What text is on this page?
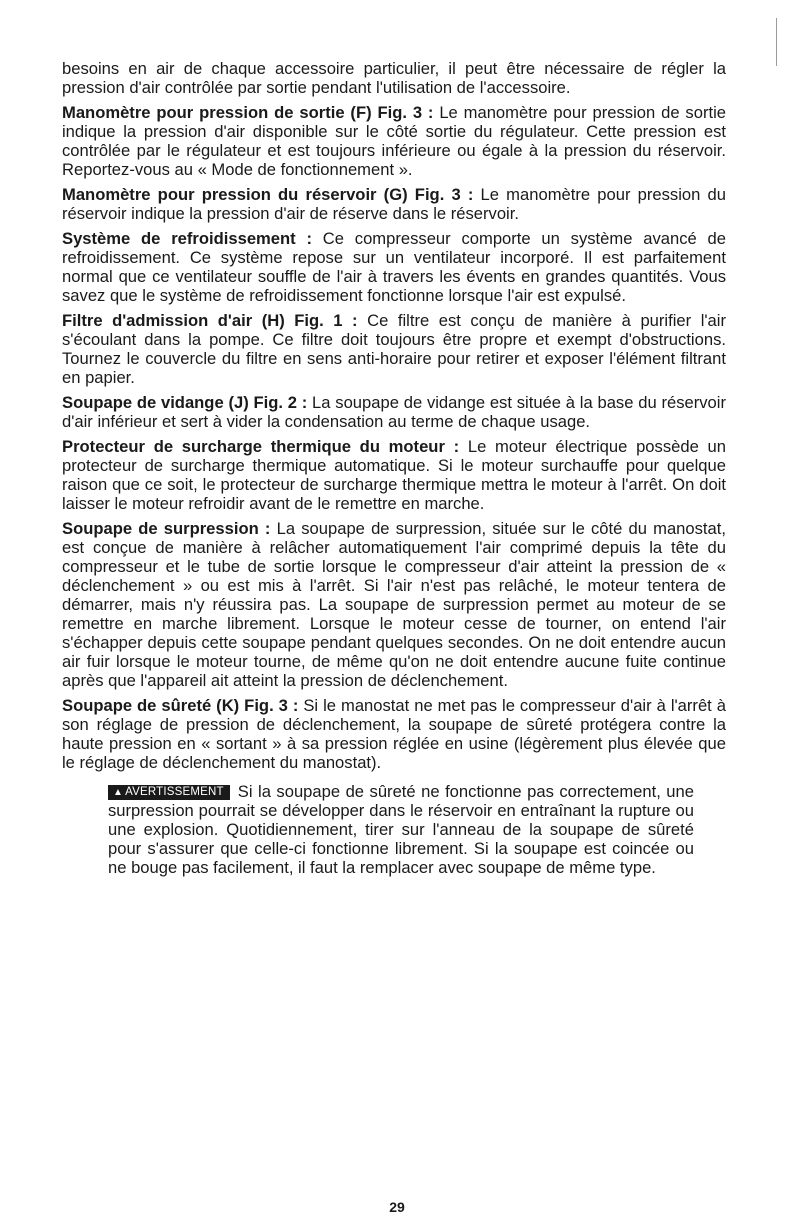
besoins en air de chaque accessoire particulier, il peut être nécessaire de régler la pression d'air contrôlée par sortie pendant l'utilisation de l'accessoire.

Manomètre pour pression de sortie (F) Fig. 3 : Le manomètre pour pression de sortie indique la pression d'air disponible sur le côté sortie du régulateur. Cette pression est contrôlée par le régulateur et est toujours inférieure ou égale à la pression du réservoir. Reportez-vous au « Mode de fonctionnement ».

Manomètre pour pression du réservoir (G) Fig. 3 : Le manomètre pour pression du réservoir indique la pression d'air de réserve dans le réservoir.

Système de refroidissement : Ce compresseur comporte un système avancé de refroidissement. Ce système repose sur un ventilateur incorporé. Il est parfaitement normal que ce ventilateur souffle de l'air à travers les évents en grandes quantités. Vous savez que le système de refroidissement fonctionne lorsque l'air est expulsé.

Filtre d'admission d'air (H) Fig. 1 : Ce filtre est conçu de manière à purifier l'air s'écoulant dans la pompe. Ce filtre doit toujours être propre et exempt d'obstructions. Tournez le couvercle du filtre en sens anti-horaire pour retirer et exposer l'élément filtrant en papier.

Soupape de vidange (J) Fig. 2 : La soupape de vidange est située à la base du réservoir d'air inférieur et sert à vider la condensation au terme de chaque usage.

Protecteur de surcharge thermique du moteur : Le moteur électrique possède un protecteur de surcharge thermique automatique. Si le moteur surchauffe pour quelque raison que ce soit, le protecteur de surcharge thermique mettra le moteur à l'arrêt. On doit laisser le moteur refroidir avant de le remettre en marche.

Soupape de surpression : La soupape de surpression, située sur le côté du manostat, est conçue de manière à relâcher automatiquement l'air comprimé depuis la tête du compresseur et le tube de sortie lorsque le compresseur d'air atteint la pression de « déclenchement » ou est mis à l'arrêt. Si l'air n'est pas relâché, le moteur tentera de démarrer, mais n'y réussira pas. La soupape de surpression permet au moteur de se remettre en marche librement. Lorsque le moteur cesse de tourner, on entend l'air s'échapper depuis cette soupape pendant quelques secondes. On ne doit entendre aucun air fuir lorsque le moteur tourne, de même qu'on ne doit entendre aucune fuite continue après que l'appareil ait atteint la pression de déclenchement.

Soupape de sûreté (K) Fig. 3 : Si le manostat ne met pas le compresseur d'air à l'arrêt à son réglage de pression de déclenchement, la soupape de sûreté protégera contre la haute pression en « sortant » à sa pression réglée en usine (légèrement plus élevée que le réglage de déclenchement du manostat).

▲ AVERTISSEMENT Si la soupape de sûreté ne fonctionne pas correctement, une surpression pourrait se développer dans le réservoir en entraînant la rupture ou une explosion. Quotidiennement, tirer sur l'anneau de la soupape de sûreté pour s'assurer que celle-ci fonctionne librement. Si la soupape est coincée ou ne bouge pas facilement, il faut la remplacer avec soupape de même type.
29
